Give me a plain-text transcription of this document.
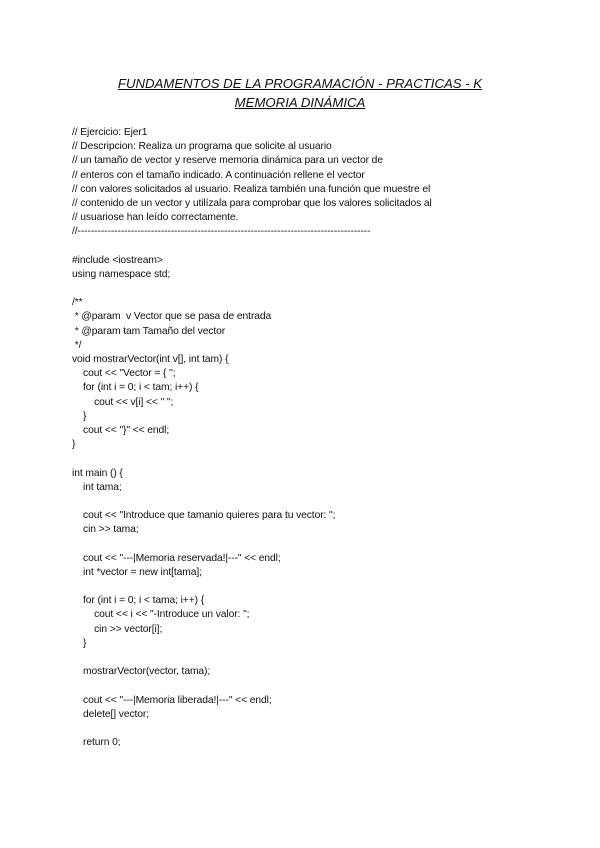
FUNDAMENTOS DE LA PROGRAMACIÓN - PRACTICAS - K
MEMORIA DINÁMICA
// Ejercicio: Ejer1
// Descripcion: Realiza un programa que solicite al usuario
// un tamaño de vector y reserve memoria dinámica para un vector de
// enteros con el tamaño indicado. A continuación rellene el vector
// con valores solicitados al usuario. Realiza también una función que muestre el
// contenido de un vector y utilízala para comprobar que los valores solicitados al
// usuariose han leído correctamente.
//----------------------------------------------------------------------------------------
#include <iostream>
using namespace std;
/**
* @param  v Vector que se pasa de entrada
* @param tam Tamaño del vector
*/
void mostrarVector(int v[], int tam) {
cout << "Vector = { ";
for (int i = 0; i < tam; i++) {
cout << v[i] << " ";
}
cout << "}" << endl;
}
int main () {
int tama;
cout << "Introduce que tamanio quieres para tu vector: ";
cin >> tama;
cout << "---|Memoria reservada!|---" << endl;
int *vector = new int[tama];
for (int i = 0; i < tama; i++) {
cout << i << "-Introduce un valor: ";
cin >> vector[i];
}
mostrarVector(vector, tama);
cout << "---|Memoria liberada!|---" << endl;
delete[] vector;
return 0;
